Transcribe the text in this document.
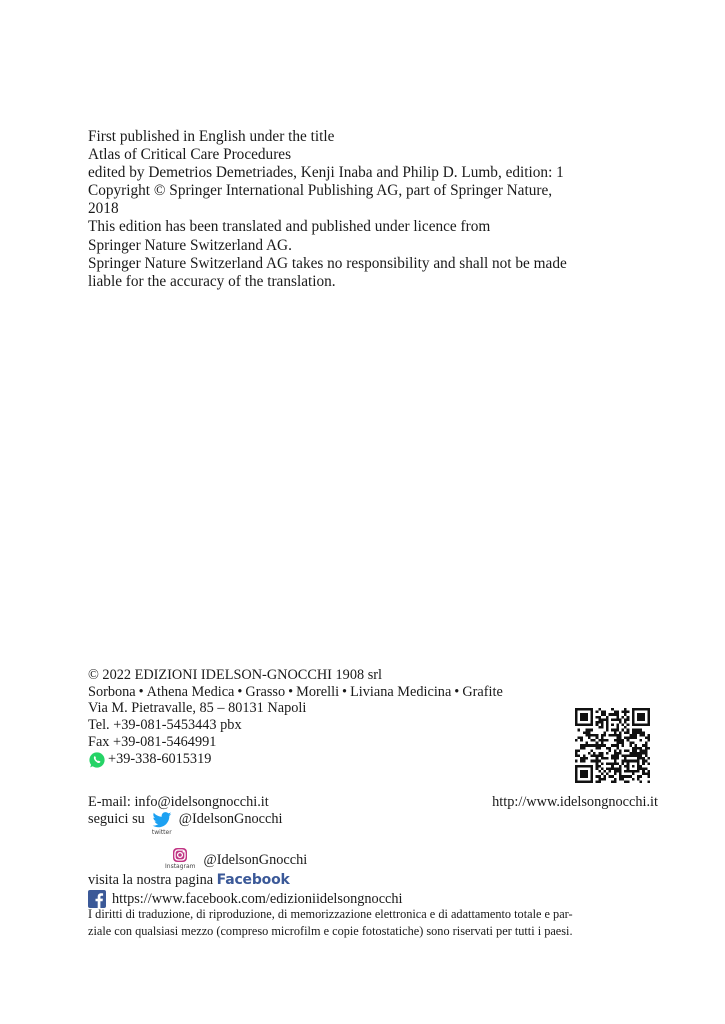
First published in English under the title
Atlas of Critical Care Procedures
edited by Demetrios Demetriades, Kenji Inaba and Philip D. Lumb, edition: 1
Copyright © Springer International Publishing AG, part of Springer Nature,
2018
This edition has been translated and published under licence from
Springer Nature Switzerland AG.
Springer Nature Switzerland AG takes no responsibility and shall not be made
liable for the accuracy of the translation.
© 2022 EDIZIONI IDELSON-GNOCCHI 1908 srl
Sorbona • Athena Medica • Grasso • Morelli • Liviana Medicina • Grafite
Via M. Pietravalle, 85 – 80131 Napoli
Tel. +39-081-5453443 pbx
Fax +39-081-5464991
+39-338-6015319
E-mail: info@idelsongnocchi.it	http://www.idelsongnocchi.it
seguici su
twitter
@IdelsonGnocchi
Instagram @IdelsonGnocchi
visita la nostra pagina Facebook
https://www.facebook.com/edizioniidelsongnocchi
I diritti di traduzione, di riproduzione, di memorizzazione elettronica e di adattamento totale e par-
ziale con qualsiasi mezzo (compreso microfilm e copie fotostatiche) sono riservati per tutti i paesi.
